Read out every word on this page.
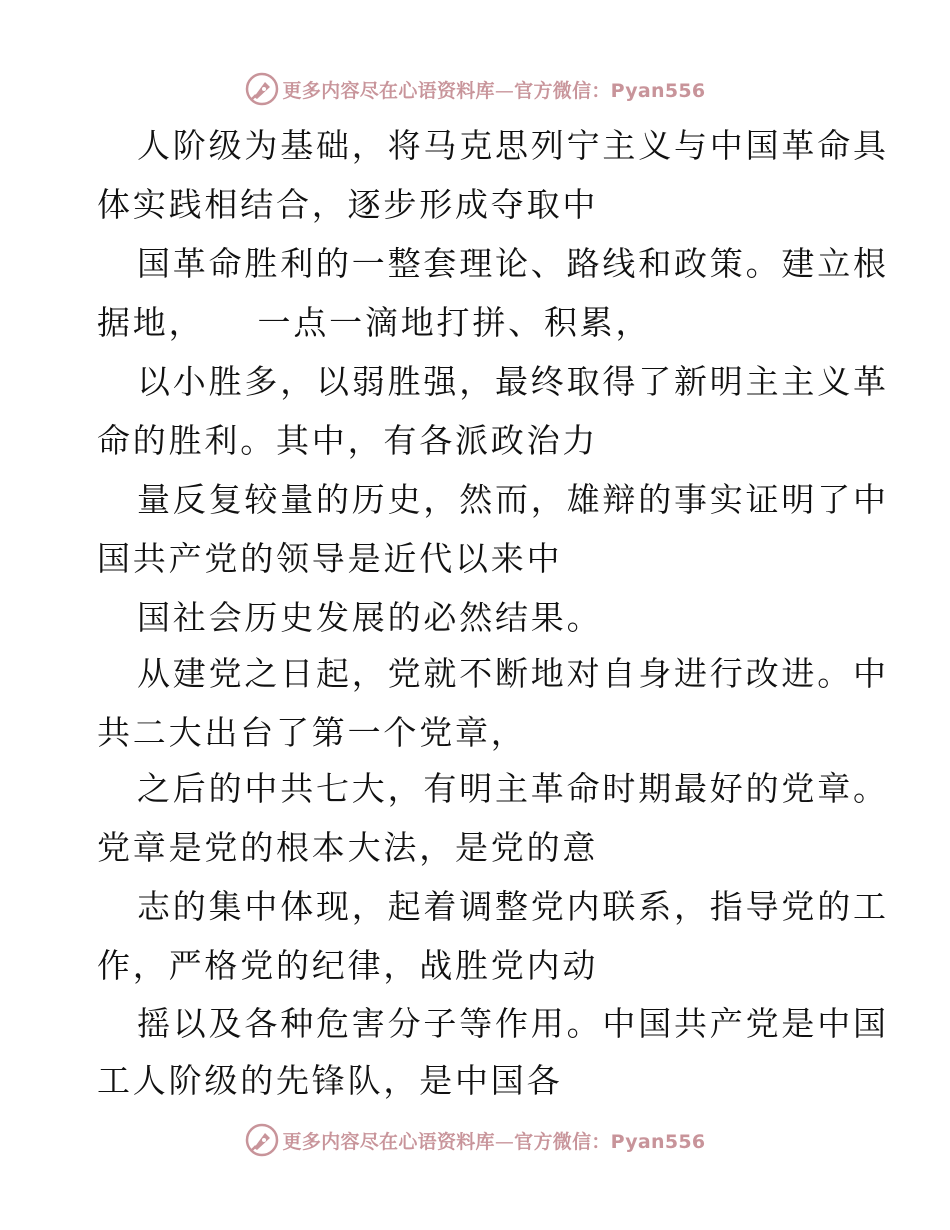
更多内容尽在心语资料库—官方微信：Pyan556
人阶级为基础，将马克思列宁主义与中国革命具
体实践相结合，逐步形成夺取中
国革命胜利的一整套理论、路线和政策。建立根
据地，    一点一滴地打拼、积累，
以小胜多，以弱胜强，最终取得了新明主主义革
命的胜利。其中，有各派政治力
量反复较量的历史，然而，雄辩的事实证明了中
国共产党的领导是近代以来中
国社会历史发展的必然结果。
从建党之日起，党就不断地对自身进行改进。中
共二大出台了第一个党章，
之后的中共七大，有明主革命时期最好的党章。
党章是党的根本大法，是党的意
志的集中体现，起着调整党内联系，指导党的工
作，严格党的纪律，战胜党内动
摇以及各种危害分子等作用。中国共产党是中国
工人阶级的先锋队，是中国各
更多内容尽在心语资料库—官方微信：Pyan556
